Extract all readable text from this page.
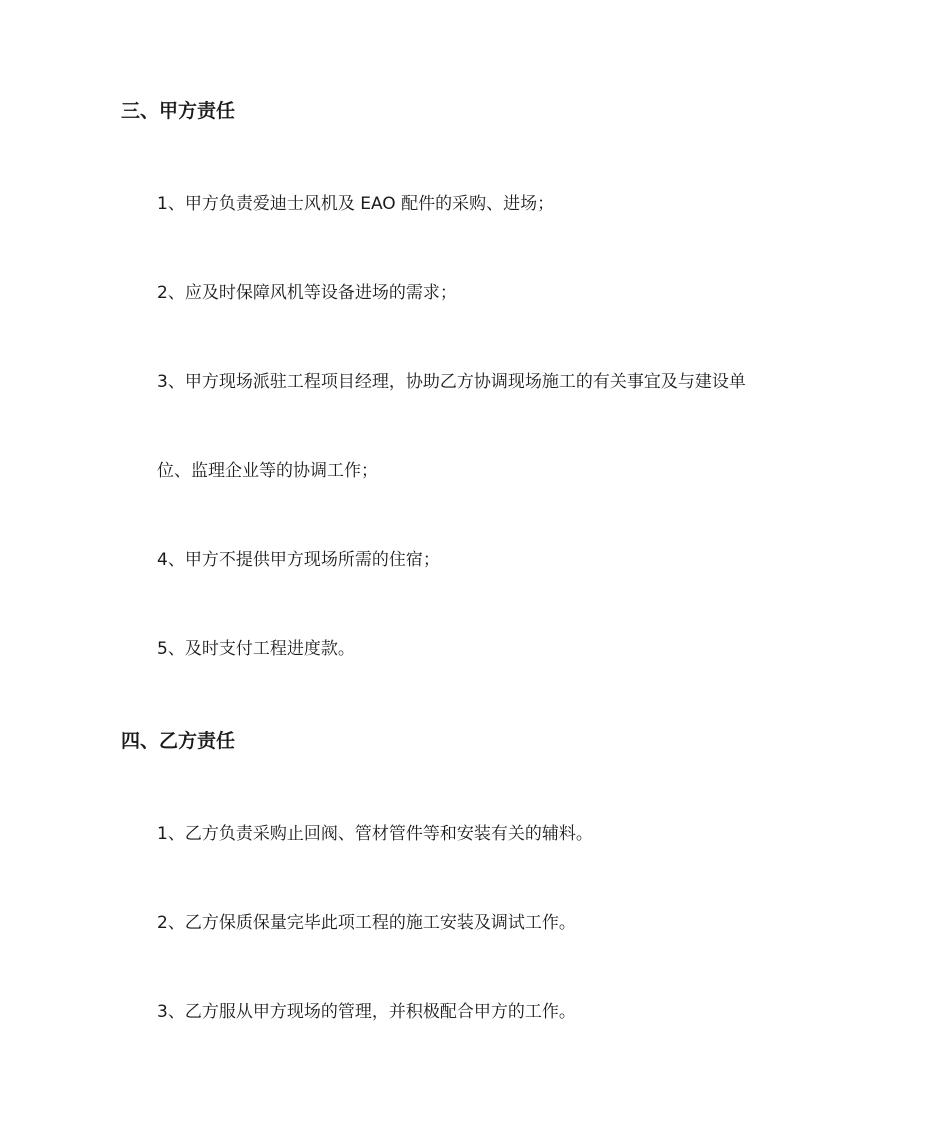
三、甲方责任
1、甲方负责爱迪士风机及 EAO 配件的采购、进场；
2、应及时保障风机等设备进场的需求；
3、甲方现场派驻工程项目经理，协助乙方协调现场施工的有关事宜及与建设单
位、监理企业等的协调工作；
4、甲方不提供甲方现场所需的住宿；
5、及时支付工程进度款。
四、乙方责任
1、乙方负责采购止回阀、管材管件等和安装有关的辅料。
2、乙方保质保量完毕此项工程的施工安装及调试工作。
3、乙方服从甲方现场的管理，并积极配合甲方的工作。
